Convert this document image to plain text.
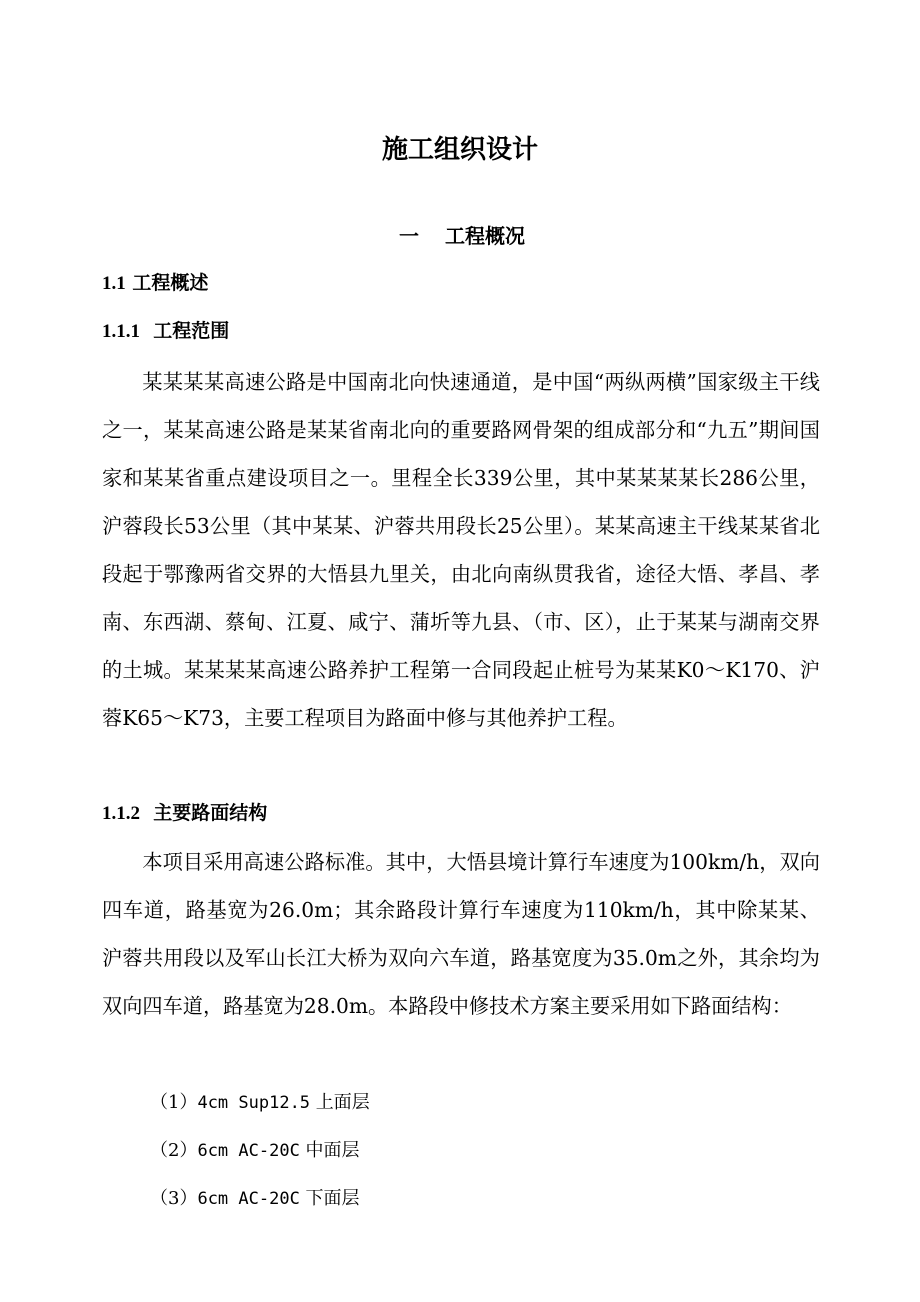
施工组织设计
一 工程概况
1.1 工程概述
1.1.1 工程范围

某某某某高速公路是中国南北向快速通道，是中国“两纵两横”国家级主干线之一，某某高速公路是某某省南北向的重要路网骨架的组成部分和“九五”期间国家和某某省重点建设项目之一。里程全长339公里，其中某某某某长286公里，沪蓉段长53公里（其中某某、沪蓉共用段长25公里）。某某高速主干线某某省北段起于鄂豫两省交界的大悟县九里关，由北向南纵贯我省，途径大悟、孝昌、孝南、东西湖、蔡甸、江夏、咸宁、蒲圻等九县、（市、区），止于某某与湖南交界的土城。某某某某高速公路养护工程第一合同段起止桩号为某某K0～K170、沪蓉K65～K73，主要工程项目为路面中修与其他养护工程。

1.1.2 主要路面结构

本项目采用高速公路标准。其中，大悟县境计算行车速度为100km/h，双向四车道，路基宽为26.0m；其余路段计算行车速度为110km/h，其中除某某、沪蓉共用段以及军山长江大桥为双向六车道，路基宽度为35.0m之外，其余均为双向四车道，路基宽为28.0m。本路段中修技术方案主要采用如下路面结构：

（1）4cm Sup12.5 上面层
（2）6cm AC-20C 中面层
（3）6cm AC-20C 下面层
